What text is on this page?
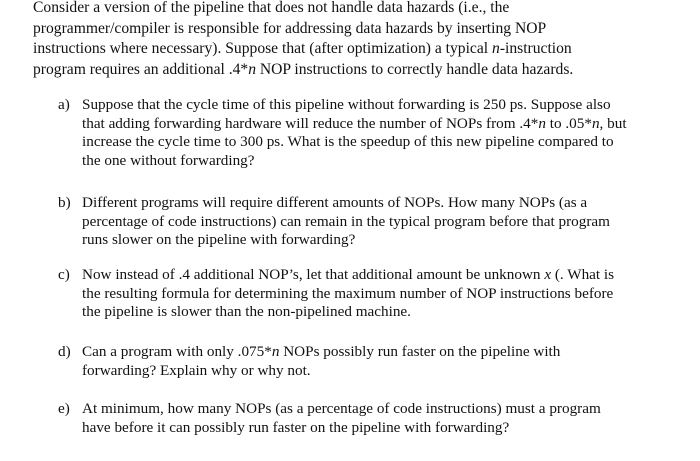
Consider a version of the pipeline that does not handle data hazards (i.e., the
programmer/compiler is responsible for addressing data hazards by inserting NOP
instructions where necessary). Suppose that (after optimization) a typical n-instruction
program requires an additional .4*n NOP instructions to correctly handle data hazards.
a) Suppose that the cycle time of this pipeline without forwarding is 250 ps. Suppose also
that adding forwarding hardware will reduce the number of NOPs from .4*n to .05*n, but
increase the cycle time to 300 ps. What is the speedup of this new pipeline compared to
the one without forwarding?
b) Different programs will require different amounts of NOPs. How many NOPs (as a
percentage of code instructions) can remain in the typical program before that program
runs slower on the pipeline with forwarding?
c) Now instead of .4 additional NOP’s, let that additional amount be unknown x (. What is
the resulting formula for determining the maximum number of NOP instructions before
the pipeline is slower than the non-pipelined machine.
d) Can a program with only .075*n NOPs possibly run faster on the pipeline with
forwarding? Explain why or why not.
e) At minimum, how many NOPs (as a percentage of code instructions) must a program
have before it can possibly run faster on the pipeline with forwarding?
